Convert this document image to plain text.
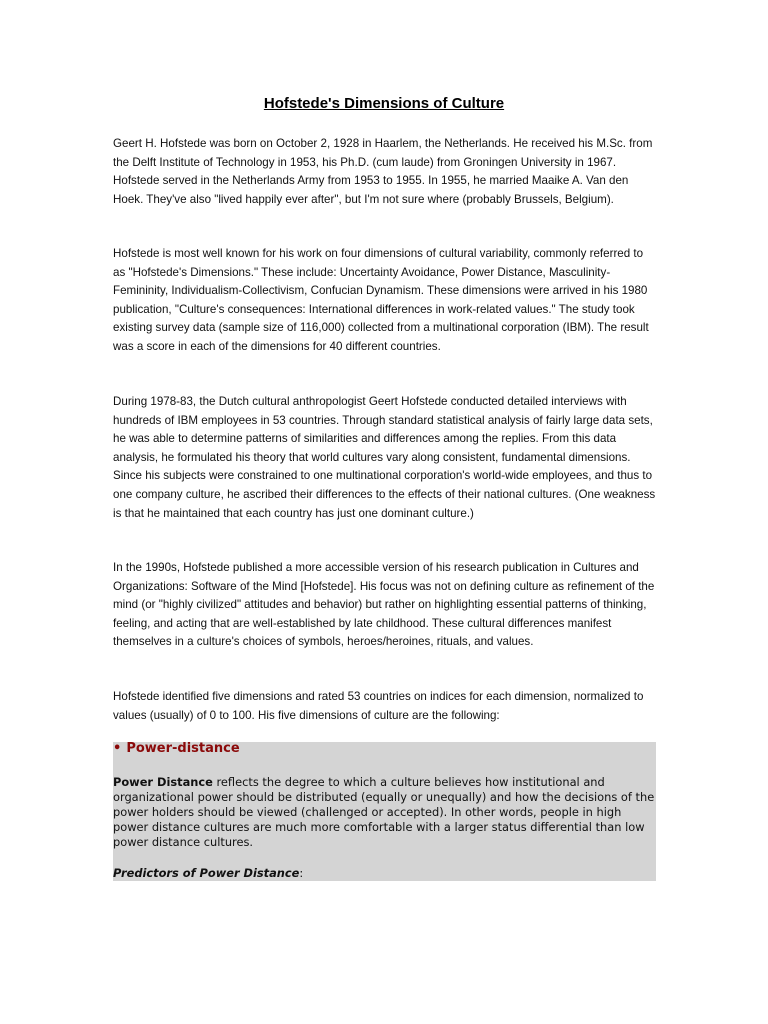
Hofstede's Dimensions of Culture

Geert H. Hofstede was born on October 2, 1928 in Haarlem, the Netherlands. He received his M.Sc. from the Delft Institute of Technology in 1953, his Ph.D. (cum laude) from Groningen University in 1967. Hofstede served in the Netherlands Army from 1953 to 1955. In 1955, he married Maaike A. Van den Hoek. They've also "lived happily ever after", but I'm not sure where (probably Brussels, Belgium).

Hofstede is most well known for his work on four dimensions of cultural variability, commonly referred to as "Hofstede's Dimensions." These include: Uncertainty Avoidance, Power Distance, Masculinity-Femininity, Individualism-Collectivism, Confucian Dynamism. These dimensions were arrived in his 1980 publication, "Culture's consequences: International differences in work-related values." The study took existing survey data (sample size of 116,000) collected from a multinational corporation (IBM). The result was a score in each of the dimensions for 40 different countries.

During 1978-83, the Dutch cultural anthropologist Geert Hofstede conducted detailed interviews with hundreds of IBM employees in 53 countries. Through standard statistical analysis of fairly large data sets, he was able to determine patterns of similarities and differences among the replies. From this data analysis, he formulated his theory that world cultures vary along consistent, fundamental dimensions. Since his subjects were constrained to one multinational corporation's world-wide employees, and thus to one company culture, he ascribed their differences to the effects of their national cultures. (One weakness is that he maintained that each country has just one dominant culture.)

In the 1990s, Hofstede published a more accessible version of his research publication in Cultures and Organizations: Software of the Mind [Hofstede]. His focus was not on defining culture as refinement of the mind (or "highly civilized" attitudes and behavior) but rather on highlighting essential patterns of thinking, feeling, and acting that are well-established by late childhood. These cultural differences manifest themselves in a culture's choices of symbols, heroes/heroines, rituals, and values.

Hofstede identified five dimensions and rated 53 countries on indices for each dimension, normalized to values (usually) of 0 to 100. His five dimensions of culture are the following:

• Power-distance

Power Distance reflects the degree to which a culture believes how institutional and organizational power should be distributed (equally or unequally) and how the decisions of the power holders should be viewed (challenged or accepted). In other words, people in high power distance cultures are much more comfortable with a larger status differential than low power distance cultures.

Predictors of Power Distance:
